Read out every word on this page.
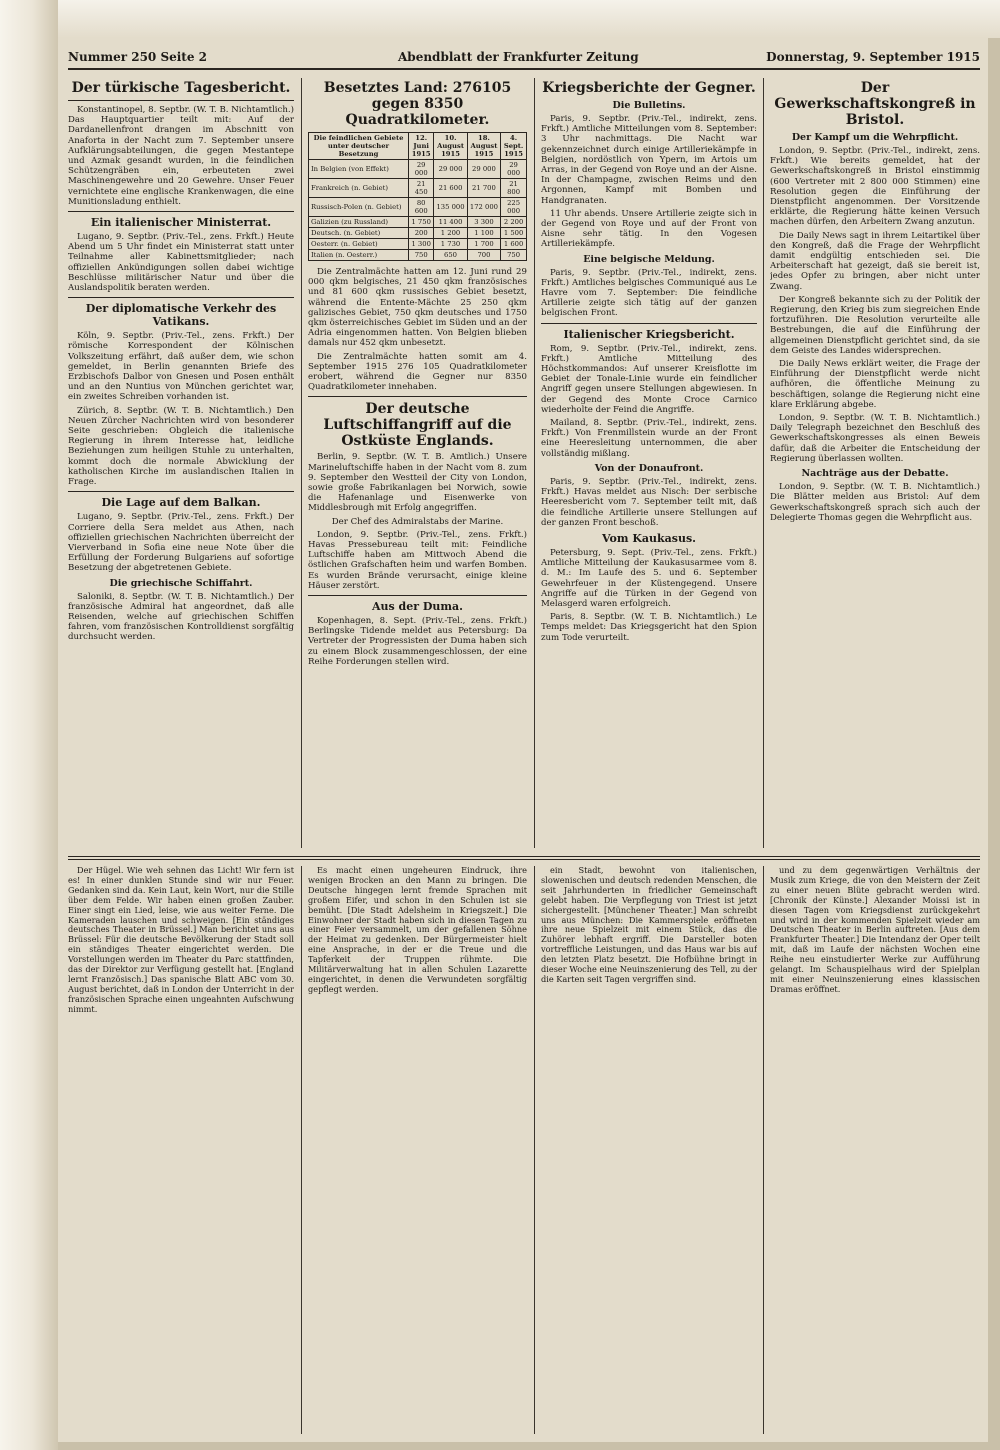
Nummer 250 Seite 2	Abendblatt der Frankfurter Zeitung	Donnerstag, 9. September 1915
Der türkische Tagesbericht.

Konstantinopel, 8. Septbr. (W. T. B. Nichtamtlich.) Das Hauptquartier teilt mit: Auf der Dardanellenfront drangen im Abschnitt von Anaforta in der Nacht zum 7. September unsere Aufklärungsabteilungen, die gegen Mestantepe und Azmak gesandt wurden, in die feindlichen Schützengräben ein, erbeuteten zwei Maschinengewehre und 20 Gewehre. Unser Feuer vernichtete eine englische Krankenwagen, die eine Munitionsladung enthielt.

Ein italienischer Ministerrat.

Lugano, 9. Septbr. (Priv.-Tel., zens. Frkft.) Heute Abend um 5 Uhr findet ein Ministerrat statt unter Teilnahme aller Kabinettsmitglieder; nach offiziellen Ankündigungen sollen dabei wichtige Beschlüsse militärischer Natur und über die Auslandspolitik beraten werden.

Der diplomatische Verkehr des Vatikans.

Köln, 9. Septbr. (Priv.-Tel., zens. Frkft.) Der römische Korrespondent der Kölnischen Volkszeitung erfährt, daß außer dem, wie schon gemeldet, in Berlin genannten Briefe des Erzbischofs Dalbor von Gnesen und Posen enthält und an den Nuntius von München gerichtet war, ein zweites Schreiben vorhanden ist.

Zürich, 8. Septbr. (W. T. B. Nichtamtlich.) Den Neuen Zürcher Nachrichten wird von besonderer Seite geschrieben: Obgleich die italienische Regierung in ihrem Interesse hat, leidliche Beziehungen zum heiligen Stuhle zu unterhalten, kommt doch die normale Abwicklung der katholischen Kirche im auslandischen Italien in Frage.

Die Lage auf dem Balkan.

Lugano, 9. Septbr. (Priv.-Tel., zens. Frkft.) Der Corriere della Sera meldet aus Athen, nach offiziellen griechischen Nachrichten überreicht der Vierverband in Sofia eine neue Note über die Erfüllung der Forderung Bulgariens auf sofortige Besetzung der abgetretenen Gebiete.

Die griechische Schiffahrt.

Saloniki, 8. Septbr. (W. T. B. Nichtamtlich.) Der französische Admiral hat angeordnet, daß alle Reisenden, welche auf griechischen Schiffen fahren, vom französischen Kontrolldienst sorgfältig durchsucht werden.

Besetztes Land: 276105 gegen 8350 Quadratkilometer.
Die feindlichen Gebiete unter deutscher Besetzung	12. Juni 1915	10. August 1915	18. August 1915	4. Sept. 1915
In Belgien (von Effekt)	29 000	29 000	29 000	29 000
Frankreich (n. Gebiet)	21 450	21 600	21 700	21 800
Russisch-Polen (n. Gebiet)	80 600	135 000	172 000	225 000
Galizien (zu Russland)	1 750	11 400	3 300	2 200
Deutsch. (n. Gebiet)	200	1 200	1 100	1 500
Oesterr. (n. Gebiet)	1 300	1 730	1 700	1 600
Italien (n. Oesterr.)	750	650	700	750

Die Zentralmächte hatten am 12. Juni rund 29 000 qkm belgisches, 21 450 qkm französisches und 81 600 qkm russisches Gebiet besetzt, während die Entente-Mächte 25 250 qkm galizisches Gebiet, 750 qkm deutsches und 1750 qkm österreichisches Gebiet im Süden und an der Adria eingenommen hatten. Von Belgien blieben damals nur 452 qkm unbesetzt.

Die Zentralmächte hatten somit am 4. September 1915 276 105 Quadratkilometer erobert, während die Gegner nur 8350 Quadratkilometer innehaben.

Der deutsche Luftschiffangriff auf die Ostküste Englands.

Berlin, 9. Septbr. (W. T. B. Amtlich.) Unsere Marineluftschiffe haben in der Nacht vom 8. zum 9. September den Westteil der City von London, sowie große Fabrikanlagen bei Norwich, sowie die Hafenanlage und Eisenwerke von Middlesbrough mit Erfolg angegriffen.

Der Chef des Admiralstabs der Marine.

London, 9. Septbr. (Priv.-Tel., zens. Frkft.) Havas Pressebureau teilt mit: Feindliche Luftschiffe haben am Mittwoch Abend die östlichen Grafschaften heim und warfen Bomben. Es wurden Brände verursacht, einige kleine Häuser zerstört.

Aus der Duma.

Kopenhagen, 8. Sept. (Priv.-Tel., zens. Frkft.) Berlingske Tidende meldet aus Petersburg: Da Vertreter der Progressisten der Duma haben sich zu einem Block zusammengeschlossen, der eine Reihe Forderungen stellen wird.

Kriegsberichte der Gegner.
Die Bulletins.

Paris, 9. Septbr. (Priv.-Tel., indirekt, zens. Frkft.) Amtliche Mitteilungen vom 8. September: 3 Uhr nachmittags. Die Nacht war gekennzeichnet durch einige Artilleriekämpfe in Belgien, nordöstlich von Ypern, im Artois um Arras, in der Gegend von Roye und an der Aisne. In der Champagne, zwischen Reims und den Argonnen, Kampf mit Bomben und Handgranaten.

11 Uhr abends. Unsere Artillerie zeigte sich in der Gegend von Roye und auf der Front von Aisne sehr tätig. In den Vogesen Artilleriekämpfe.

Eine belgische Meldung.

Paris, 9. Septbr. (Priv.-Tel., indirekt, zens. Frkft.) Amtliches belgisches Communiqué aus Le Havre vom 7. September: Die feindliche Artillerie zeigte sich tätig auf der ganzen belgischen Front.

Italienischer Kriegsbericht.

Rom, 9. Septbr. (Priv.-Tel., indirekt, zens. Frkft.) Amtliche Mitteilung des Höchstkommandos: Auf unserer Kreisflotte im Gebiet der Tonale-Linie wurde ein feindlicher Angriff gegen unsere Stellungen abgewiesen. In der Gegend des Monte Croce Carnico wiederholte der Feind die Angriffe.

Mailand, 8. Septbr. (Priv.-Tel., indirekt, zens. Frkft.) Von Frenmillstein wurde an der Front eine Heeresleitung unternommen, die aber vollständig mißlang.

Von der Donaufront.

Paris, 9. Septbr. (Priv.-Tel., indirekt, zens. Frkft.) Havas meldet aus Nisch: Der serbische Heeresbericht vom 7. September teilt mit, daß die feindliche Artillerie unsere Stellungen auf der ganzen Front beschoß.

Vom Kaukasus.

Petersburg, 9. Sept. (Priv.-Tel., zens. Frkft.) Amtliche Mitteilung der Kaukasusarmee vom 8. d. M.: Im Laufe des 5. und 6. September Gewehrfeuer in der Küstengegend. Unsere Angriffe auf die Türken in der Gegend von Melasgerd waren erfolgreich.

Paris, 8. Septbr. (W. T. B. Nichtamtlich.) Le Temps meldet: Das Kriegsgericht hat den Spion zum Tode verurteilt.

Der Gewerkschaftskongreß in Bristol.
Der Kampf um die Wehrpflicht.

London, 9. Septbr. (Priv.-Tel., indirekt, zens. Frkft.) Wie bereits gemeldet, hat der Gewerkschaftskongreß in Bristol einstimmig (600 Vertreter mit 2 800 000 Stimmen) eine Resolution gegen die Einführung der Dienstpflicht angenommen. Der Vorsitzende erklärte, die Regierung hätte keinen Versuch machen dürfen, den Arbeitern Zwang anzutun.

Die Daily News sagt in ihrem Leitartikel über den Kongreß, daß die Frage der Wehrpflicht damit endgültig entschieden sei. Die Arbeiterschaft hat gezeigt, daß sie bereit ist, jedes Opfer zu bringen, aber nicht unter Zwang.

Der Kongreß bekannte sich zu der Politik der Regierung, den Krieg bis zum siegreichen Ende fortzuführen. Die Resolution verurteilte alle Bestrebungen, die auf die Einführung der allgemeinen Dienstpflicht gerichtet sind, da sie dem Geiste des Landes widersprechen.

Die Daily News erklärt weiter, die Frage der Einführung der Dienstpflicht werde nicht aufhören, die öffentliche Meinung zu beschäftigen, solange die Regierung nicht eine klare Erklärung abgebe.

London, 9. Septbr. (W. T. B. Nichtamtlich.) Daily Telegraph bezeichnet den Beschluß des Gewerkschaftskongresses als einen Beweis dafür, daß die Arbeiter die Entscheidung der Regierung überlassen wollten.

Nachträge aus der Debatte.

London, 9. Septbr. (W. T. B. Nichtamtlich.) Die Blätter melden aus Bristol: Auf dem Gewerkschaftskongreß sprach sich auch der Delegierte Thomas gegen die Wehrpflicht aus.

Der Hügel. Wie weh sehnen das Licht! Wir fern ist es! In einer dunklen Stunde sind wir nur Feuer. Gedanken sind da. Kein Laut, kein Wort, nur die Stille über dem Felde. Wir haben einen großen Zauber. Einer singt ein Lied, leise, wie aus weiter Ferne. Die Kameraden lauschen und schweigen. [Ein ständiges deutsches Theater in Brüssel.] Man berichtet uns aus Brüssel: Für die deutsche Bevölkerung der Stadt soll ein ständiges Theater eingerichtet werden. Die Vorstellungen werden im Theater du Parc stattfinden, das der Direktor zur Verfügung gestellt hat. [England lernt Französisch.] Das spanische Blatt ABC vom 30. August berichtet, daß in London der Unterricht in der französischen Sprache einen ungeahnten Aufschwung nimmt.

Es macht einen ungeheuren Eindruck, ihre wenigen Brocken an den Mann zu bringen. Die Deutsche hingegen lernt fremde Sprachen mit großem Eifer, und schon in den Schulen ist sie bemüht. [Die Stadt Adelsheim in Kriegszeit.] Die Einwohner der Stadt haben sich in diesen Tagen zu einer Feier versammelt, um der gefallenen Söhne der Heimat zu gedenken. Der Bürgermeister hielt eine Ansprache, in der er die Treue und die Tapferkeit der Truppen rühmte. Die Militärverwaltung hat in allen Schulen Lazarette eingerichtet, in denen die Verwundeten sorgfältig gepflegt werden.

ein Stadt, bewohnt von italienischen, slowenischen und deutsch redenden Menschen, die seit Jahrhunderten in friedlicher Gemeinschaft gelebt haben. Die Verpflegung von Triest ist jetzt sichergestellt. [Münchener Theater.] Man schreibt uns aus München: Die Kammerspiele eröffneten ihre neue Spielzeit mit einem Stück, das die Zuhörer lebhaft ergriff. Die Darsteller boten vortreffliche Leistungen, und das Haus war bis auf den letzten Platz besetzt. Die Hofbühne bringt in dieser Woche eine Neuinszenierung des Tell, zu der die Karten seit Tagen vergriffen sind.

und zu dem gegenwärtigen Verhältnis der Musik zum Kriege, die von den Meistern der Zeit zu einer neuen Blüte gebracht werden wird. [Chronik der Künste.] Alexander Moissi ist in diesen Tagen vom Kriegsdienst zurückgekehrt und wird in der kommenden Spielzeit wieder am Deutschen Theater in Berlin auftreten. [Aus dem Frankfurter Theater.] Die Intendanz der Oper teilt mit, daß im Laufe der nächsten Wochen eine Reihe neu einstudierter Werke zur Aufführung gelangt. Im Schauspielhaus wird der Spielplan mit einer Neuinszenierung eines klassischen Dramas eröffnet.
